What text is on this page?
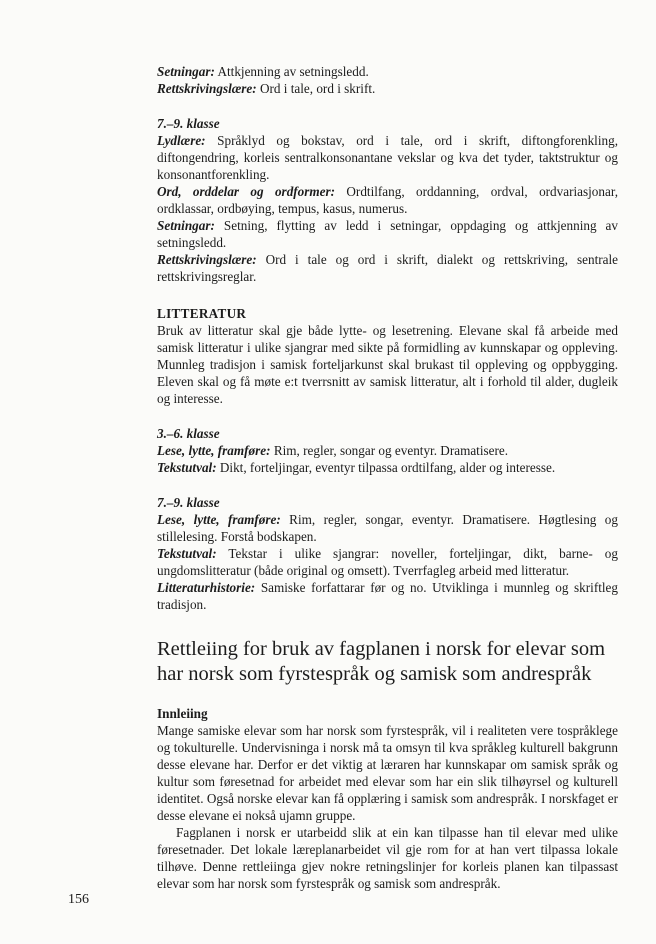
Setningar: Attkjenning av setningsledd.

Rettskrivingslære: Ord i tale, ord i skrift.

7.–9. klasse

Lydlære: Språklyd og bokstav, ord i tale, ord i skrift, diftongforenkling, diftongendring, korleis sentralkonsonantane vekslar og kva det tyder, taktstruktur og konsonantforenkling.

Ord, orddelar og ordformer: Ordtilfang, orddanning, ordval, ordvariasjonar, ordklassar, ordbøying, tempus, kasus, numerus.

Setningar: Setning, flytting av ledd i setningar, oppdaging og attkjenning av setningsledd.

Rettskrivingslære: Ord i tale og ord i skrift, dialekt og rettskriving, sentrale rettskrivingsreglar.

LITTERATUR

Bruk av litteratur skal gje både lytte- og lesetrening. Elevane skal få arbeide med samisk litteratur i ulike sjangrar med sikte på formidling av kunnskapar og oppleving. Munnleg tradisjon i samisk forteljarkunst skal brukast til oppleving og oppbygging. Eleven skal og få møte e:t tverrsnitt av samisk litteratur, alt i forhold til alder, dugleik og interesse.

3.–6. klasse

Lese, lytte, framføre: Rim, regler, songar og eventyr. Dramatisere.

Tekstutval: Dikt, forteljingar, eventyr tilpassa ordtilfang, alder og interesse.

7.–9. klasse

Lese, lytte, framføre: Rim, regler, songar, eventyr. Dramatisere. Høgtlesing og stillelesing. Forstå bodskapen.

Tekstutval: Tekstar i ulike sjangrar: noveller, forteljingar, dikt, barne- og ungdomslitteratur (både original og omsett). Tverrfagleg arbeid med litteratur.

Litteraturhistorie: Samiske forfattarar før og no. Utviklinga i munnleg og skriftleg tradisjon.

Rettleiing for bruk av fagplanen i norsk for elevar som

har norsk som fyrstespråk og samisk som andrespråk

Innleiing

Mange samiske elevar som har norsk som fyrstespråk, vil i realiteten vere tospråklege og tokulturelle. Undervisninga i norsk må ta omsyn til kva språkleg kulturell bakgrunn desse elevane har. Derfor er det viktig at læraren har kunnskapar om samisk språk og kultur som føresetnad for arbeidet med elevar som har ein slik tilhøyrsel og kulturell identitet. Også norske elevar kan få opplæring i samisk som andrespråk. I norskfaget er desse elevane ei nokså ujamn gruppe.

Fagplanen i norsk er utarbeidd slik at ein kan tilpasse han til elevar med ulike føresetnader. Det lokale læreplanarbeidet vil gje rom for at han vert tilpassa lokale tilhøve. Denne rettleiinga gjev nokre retningslinjer for korleis planen kan tilpassast elevar som har norsk som fyrstespråk og samisk som andrespråk.

156
